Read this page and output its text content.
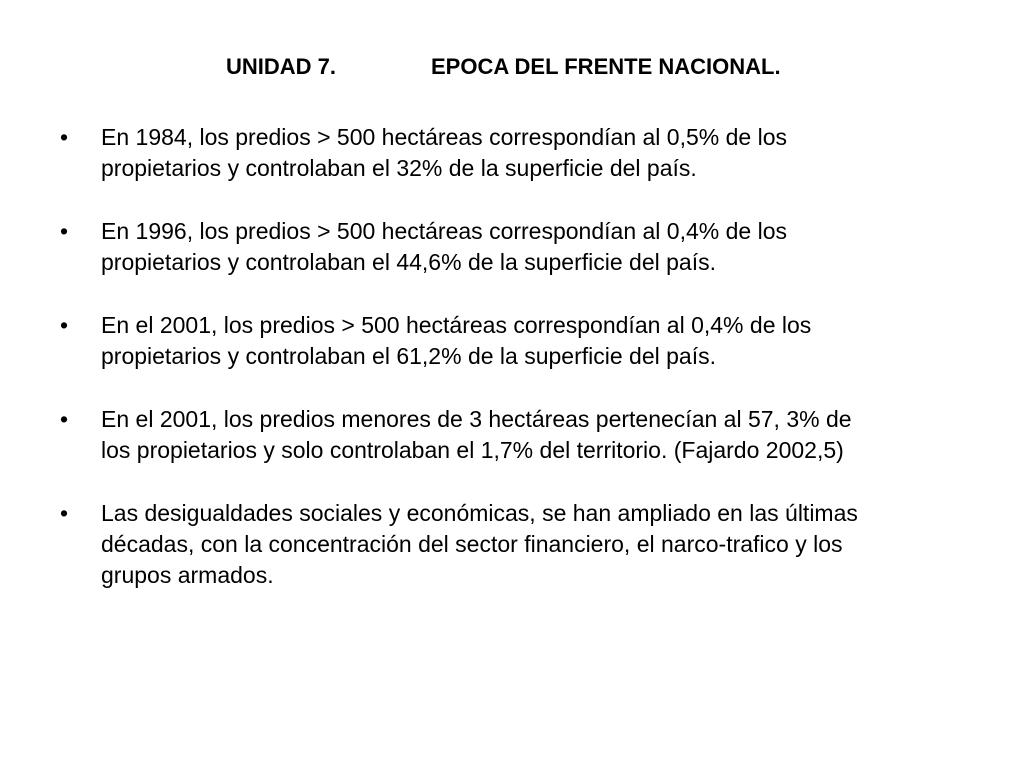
UNIDAD 7.	EPOCA DEL FRENTE NACIONAL.
• En 1984, los predios > 500 hectáreas correspondían al 0,5% de los
propietarios y controlaban el 32% de la superficie del país.
• En 1996, los predios > 500 hectáreas correspondían al 0,4% de los
propietarios y controlaban el 44,6% de la superficie del país.
• En el 2001, los predios > 500 hectáreas correspondían al 0,4% de los
propietarios y controlaban el 61,2% de la superficie del país.
• En el 2001, los predios menores de 3 hectáreas pertenecían al 57, 3% de
los propietarios y solo controlaban el 1,7% del territorio. (Fajardo 2002,5)
• Las desigualdades sociales y económicas, se han ampliado en las últimas
décadas, con la concentración del sector financiero, el narco-trafico y los
grupos armados.
